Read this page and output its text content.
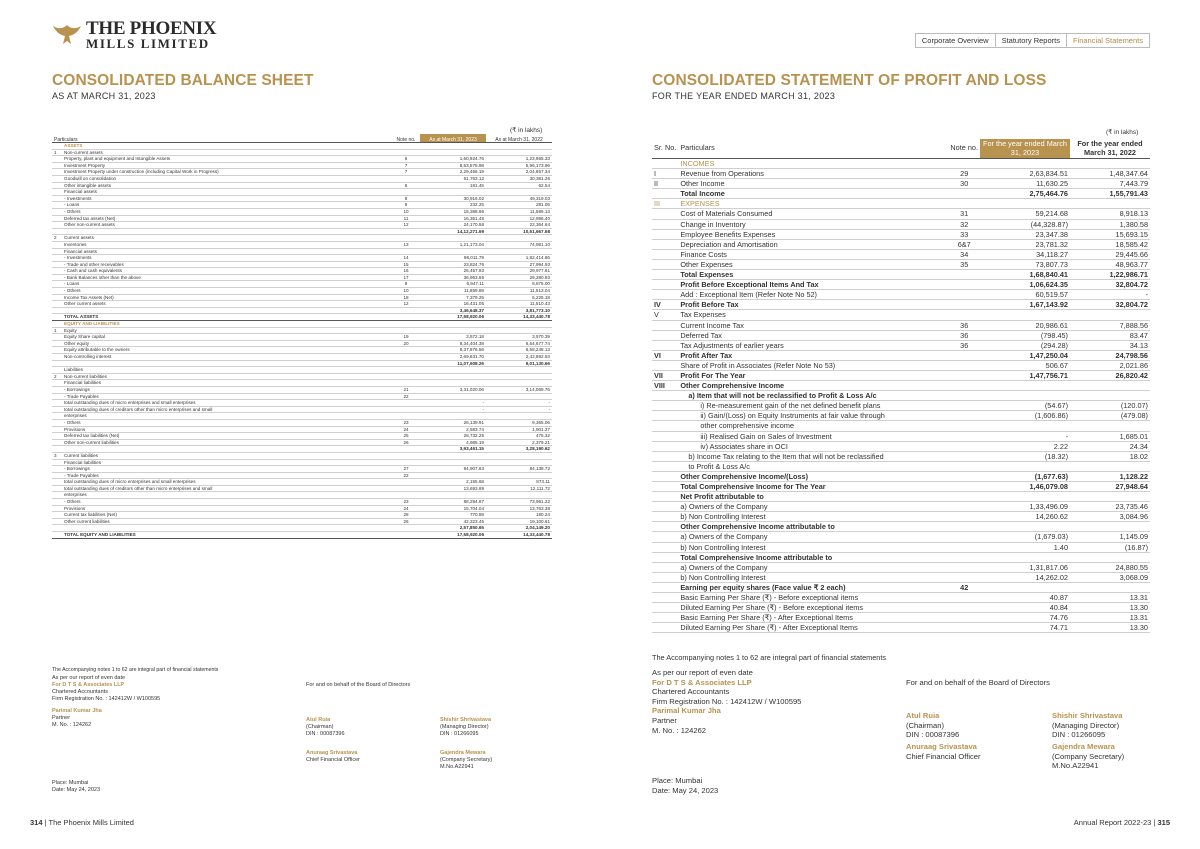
THE PHOENIX
MILLS LIMITED
CONSOLIDATED BALANCE SHEET
AS AT MARCH 31, 2023
(₹ in lakhs)
Particulars		Note no.	As at March 31, 2023	As at March 31, 2022
	ASSETS			
1	Non-current assets			
	Property, plant and equipment and Intangible Assets	6	1,60,924.76	1,23,955.33
	Investment Property	7	8,53,575.98	5,96,173.96
	Investment Property under construction (including Capital Work in Progress)	7	2,29,466.19	2,04,857.34
	Goodwill on consolidation		61,763.12	30,381.26
	Other intangible assets	6	181.45	62.54
	Financial assets			
	- Investments	8	30,916.02	49,319.03
	- Loans	9	232.25	281.05
	- Others	10	15,388.96	11,586.13
	Deferred tax assets (Net)	11	16,351.48	12,996.40
	Other non-current assets	12	24,170.58	22,364.64
			14,12,271.69	10,51,667.68
2	Current assets			
	Inventories	13	1,21,173.04	74,981.10
	Financial assets			
	- Investments	14	98,011.79	1,82,414.86
	- Trade and other receivables	15	23,824.76	27,994.93
	- Cash and cash equivalents	16	26,457.93	29,977.61
	- Bank Balances other than the above	17	36,963.55	29,280.93
	- Loans	9	6,947.11	8,875.00
	- Others	10	11,859.89	11,513.04
	Income Tax Assets (Net)	18	7,379.25	5,225.18
	Other current assets	12	16,431.05	11,510.43
			3,46,648.37	3,81,773.10
	TOTAL ASSETS		17,58,920.06	14,33,440.78
	EQUITY AND LIABILITIES			
1	Equity			
	Equity Share capital	19	3,572.18	3,570.39
	Other equity	20	8,34,404.38	6,54,677.74
	Equity attributable to the owners		8,37,976.56	6,58,248.13
	Non-controlling interest		2,69,631.70	2,42,882.53
			11,07,608.26	9,01,130.66
	Liabilities			
2	Non-current liabilities			
	Financial liabilities			
	- Borrowings	21	3,31,020.06	3,14,069.76
	- Trade Payables	22		
	total outstanding dues of micro enterprises and small enterprises		-	-
	total outstanding dues of creditors other than micro enterprises and small		-	-
	enterprises			
	- Others	23	26,139.91	9,365.06
	Provisions	24	2,583.74	1,901.27
	Deferred tax liabilities (Net)	25	28,732.25	475.32
	Other non-current liabilities	26	4,985.19	2,379.21
			3,93,461.15	3,28,190.62
3	Current liabilities			
	Financial liabilities			
	- Borrowings	27	94,907.83	84,138.72
	- Trade Payables	22		
	total outstanding dues of micro enterprises and small enterprises		2,155.68	873.11
	total outstanding dues of creditors other than micro enterprises and small		13,693.89	12,111.72
	enterprises			
	- Others	23	88,294.87	73,961.22
	Provisions	24	15,704.04	13,763.38
	Current tax liabilities (Net)	28	770.89	180.24
	Other current liabilities	26	42,323.45	19,100.61
			2,57,850.65	2,04,149.20
	TOTAL EQUITY AND LIABILITIES		17,58,920.06	14,33,440.78
The Accompanying notes 1 to 62 are integral part of financial statements
As per our report of even date
For D T S & Associates LLP
Chartered Accountants
Firm Registration No. : 142412W / W100595
Parimal Kumar Jha
Partner
M. No. : 124262
For and on behalf of the Board of Directors
Atul Ruia
(Chairman)
DIN : 00087396
Shishir Shrivastava
(Managing Director)
DIN : 01266095
Anuraag Srivastava
Chief Financial Officer
Gajendra Mewara
(Company Secretary)
M.No.A22941
Place: Mumbai
Date: May 24, 2023
314 | The Phoenix Mills Limited
Corporate Overview	Statutory Reports	Financial Statements
CONSOLIDATED STATEMENT OF PROFIT AND LOSS
FOR THE YEAR ENDED MARCH 31, 2023
(₹ in lakhs)
Sr. No.	Particulars	Note no.	For the year ended March 31, 2023	For the year ended March 31, 2022
	INCOMES			
I	Revenue from Operations	29	2,63,834.51	1,48,347.64
II	Other Income	30	11,630.25	7,443.79
	Total Income		2,75,464.76	1,55,791.43
III	EXPENSES			
	Cost of Materials Consumed	31	59,214.68	8,918.13
	Change in Inventory	32	(44,328.87)	1,380.58
	Employee Benefits Expenses	33	23,347.38	15,693.15
	Depreciation and Amortisation	6&7	23,781.32	18,585.42
	Finance Costs	34	34,118.27	29,445.66
	Other Expenses	35	73,807.73	48,963.77
	Total Expenses		1,68,840.41	1,22,986.71
	Profit Before Exceptional Items And Tax		1,06,624.35	32,804.72
	Add : Exceptional Item (Refer Note No 52)		60,519.57	-
IV	Profit Before Tax		1,67,143.92	32,804.72
V	Tax Expenses			
	Current Income Tax	36	20,986.61	7,888.56
	Deferred Tax	36	(798.45)	83.47
	Tax Adjustments of earlier years	36	(294.28)	34.13
VI	Profit After Tax		1,47,250.04	24,798.56
	Share of Profit in Associates (Refer Note No 53)		506.67	2,021.86
VII	Profit For The Year		1,47,756.71	26,820.42
VIII	Other Comprehensive Income			
	a) Item that will not be reclassified to Profit & Loss A/c			
	i) Re-measurement gain of the net defined benefit plans		(54.67)	(120.07)
	ii) Gain/(Loss) on Equity Instruments at fair value through		(1,606.86)	(479.08)
	other comprehensive income			
	iii) Realised Gain on Sales of Investment		-	1,685.01
	iv) Associates share in OCI		2.22	24.34
	b) Income Tax relating to the Item that will not be reclassified		(18.32)	18.02
	to Profit & Loss A/c			
	Other Comprehensive Income/(Loss)		(1,677.63)	1,128.22
	Total Comprehensive Income for The Year		1,46,079.08	27,948.64
	Net Profit attributable to			
	a) Owners of the Company		1,33,496.09	23,735.46
	b) Non Controlling Interest		14,260.62	3,084.96
	Other Comprehensive Income attributable to			
	a) Owners of the Company		(1,679.03)	1,145.09
	b) Non Controlling Interest		1.40	(16.87)
	Total Comprehensive Income attributable to			
	a) Owners of the Company		1,31,817.06	24,880.55
	b) Non Controlling Interest		14,262.02	3,068.09
	Earning per equity shares (Face value ₹ 2 each)	42		
	Basic Earning Per Share (₹) - Before exceptional items		40.87	13.31
	Diluted Earning Per Share (₹) - Before exceptional items		40.84	13.30
	Basic Earning Per Share (₹) - After Exceptional Items		74.76	13.31
	Diluted Earning Per Share (₹) - After Exceptional Items		74.71	13.30
The Accompanying notes 1 to 62 are integral part of financial statements
As per our report of even date
For D T S & Associates LLP
Chartered Accountants
Firm Registration No. : 142412W / W100595
Parimal Kumar Jha
Partner
M. No. : 124262
For and on behalf of the Board of Directors
Atul Ruia
(Chairman)
DIN : 00087396
Shishir Shrivastava
(Managing Director)
DIN : 01266095
Anuraag Srivastava
Chief Financial Officer
Gajendra Mewara
(Company Secretary)
M.No.A22941
Place: Mumbai
Date: May 24, 2023
Annual Report 2022-23 | 315
